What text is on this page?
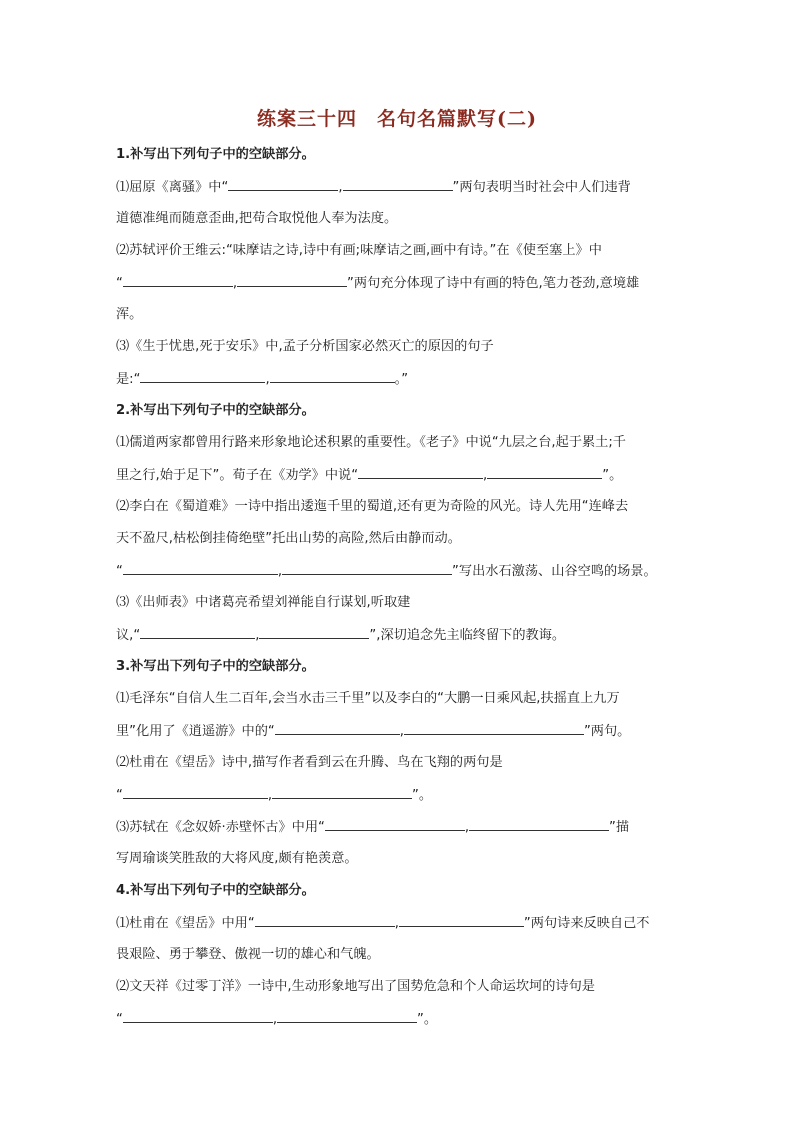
练案三十四　名句名篇默写(二)
1.补写出下列句子中的空缺部分。
⑴屈原《离骚》中“	,	”两句表明当时社会中人们违背
道德准绳而随意歪曲,把苟合取悦他人奉为法度。
⑵苏轼评价王维云:“味摩诘之诗,诗中有画;味摩诘之画,画中有诗。”在《使至塞上》中
“	,	”两句充分体现了诗中有画的特色,笔力苍劲,意境雄
浑。
⑶《生于忧患,死于安乐》中,孟子分析国家必然灭亡的原因的句子
是:“	,	。”
2.补写出下列句子中的空缺部分。
⑴儒道两家都曾用行路来形象地论述积累的重要性。《老子》中说“九层之台,起于累土;千
里之行,始于足下”。荀子在《劝学》中说“	,	”。
⑵李白在《蜀道难》一诗中指出逶迤千里的蜀道,还有更为奇险的风光。诗人先用“连峰去
天不盈尺,枯松倒挂倚绝壁”托出山势的高险,然后由静而动。
“	,	”写出水石激荡、山谷空鸣的场景。
⑶《出师表》中诸葛亮希望刘禅能自行谋划,听取建
议,“	,	”,深切追念先主临终留下的教诲。
3.补写出下列句子中的空缺部分。
⑴毛泽东“自信人生二百年,会当水击三千里”以及李白的“大鹏一日乘风起,扶摇直上九万
里”化用了《逍遥游》中的“	,	”两句。
⑵杜甫在《望岳》诗中,描写作者看到云在升腾、鸟在飞翔的两句是
“	,	”。
⑶苏轼在《念奴娇·赤壁怀古》中用“	,	”描
写周瑜谈笑胜敌的大将风度,颇有艳羡意。
4.补写出下列句子中的空缺部分。
⑴杜甫在《望岳》中用“	,	”两句诗来反映自己不
畏艰险、勇于攀登、傲视一切的雄心和气魄。
⑵文天祥《过零丁洋》一诗中,生动形象地写出了国势危急和个人命运坎坷的诗句是
“	,	”。
